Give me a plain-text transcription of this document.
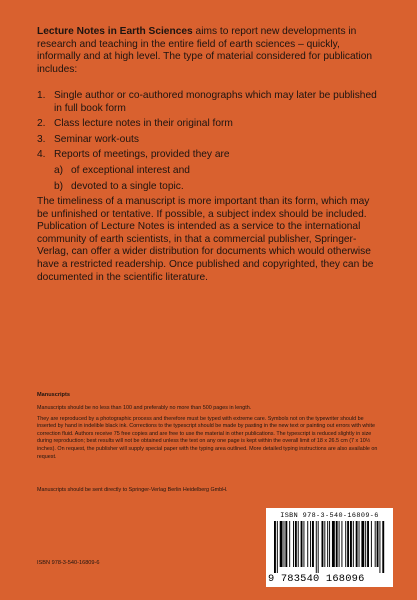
Lecture Notes in Earth Sciences aims to report new developments in research and teaching in the entire field of earth sciences – quickly, informally and at high level. The type of material considered for publication includes:
1. Single author or co-authored monographs which may later be published in full book form
2. Class lecture notes in their original form
3. Seminar work-outs
4. Reports of meetings, provided they are
a) of exceptional interest and
b) devoted to a single topic.
The timeliness of a manuscript is more important than its form, which may be unfinished or tentative. If possible, a subject index should be included. Publication of Lecture Notes is intended as a service to the international community of earth scientists, in that a commercial publisher, Springer-Verlag, can offer a wider distribution for documents which would otherwise have a restricted readership. Once published and copyrighted, they can be documented in the scientific literature.
Manuscripts

Manuscripts should be no less than 100 and preferably no more than 500 pages in length.

They are reproduced by a photographic process and therefore must be typed with extreme care. Symbols not on the typewriter should be inserted by hand in indelible black ink. Corrections to the typescript should be made by pasting in the new text or painting out errors with white correction fluid. Authors receive 75 free copies and are free to use the material in other publications. The typescript is reduced slightly in size during reproduction; best results will not be obtained unless the text on any one page is kept within the overall limit of 18 x 26.5 cm (7 x 10½ inches). On request, the publisher will supply special paper with the typing area outlined. More detailed typing instructions are also available on request.

Manuscripts should be sent directly to Springer-Verlag Berlin Heidelberg GmbH.
ISBN 978-3-540-16809-6
ISBN 978-3-540-16809-6
9 783540 168096
